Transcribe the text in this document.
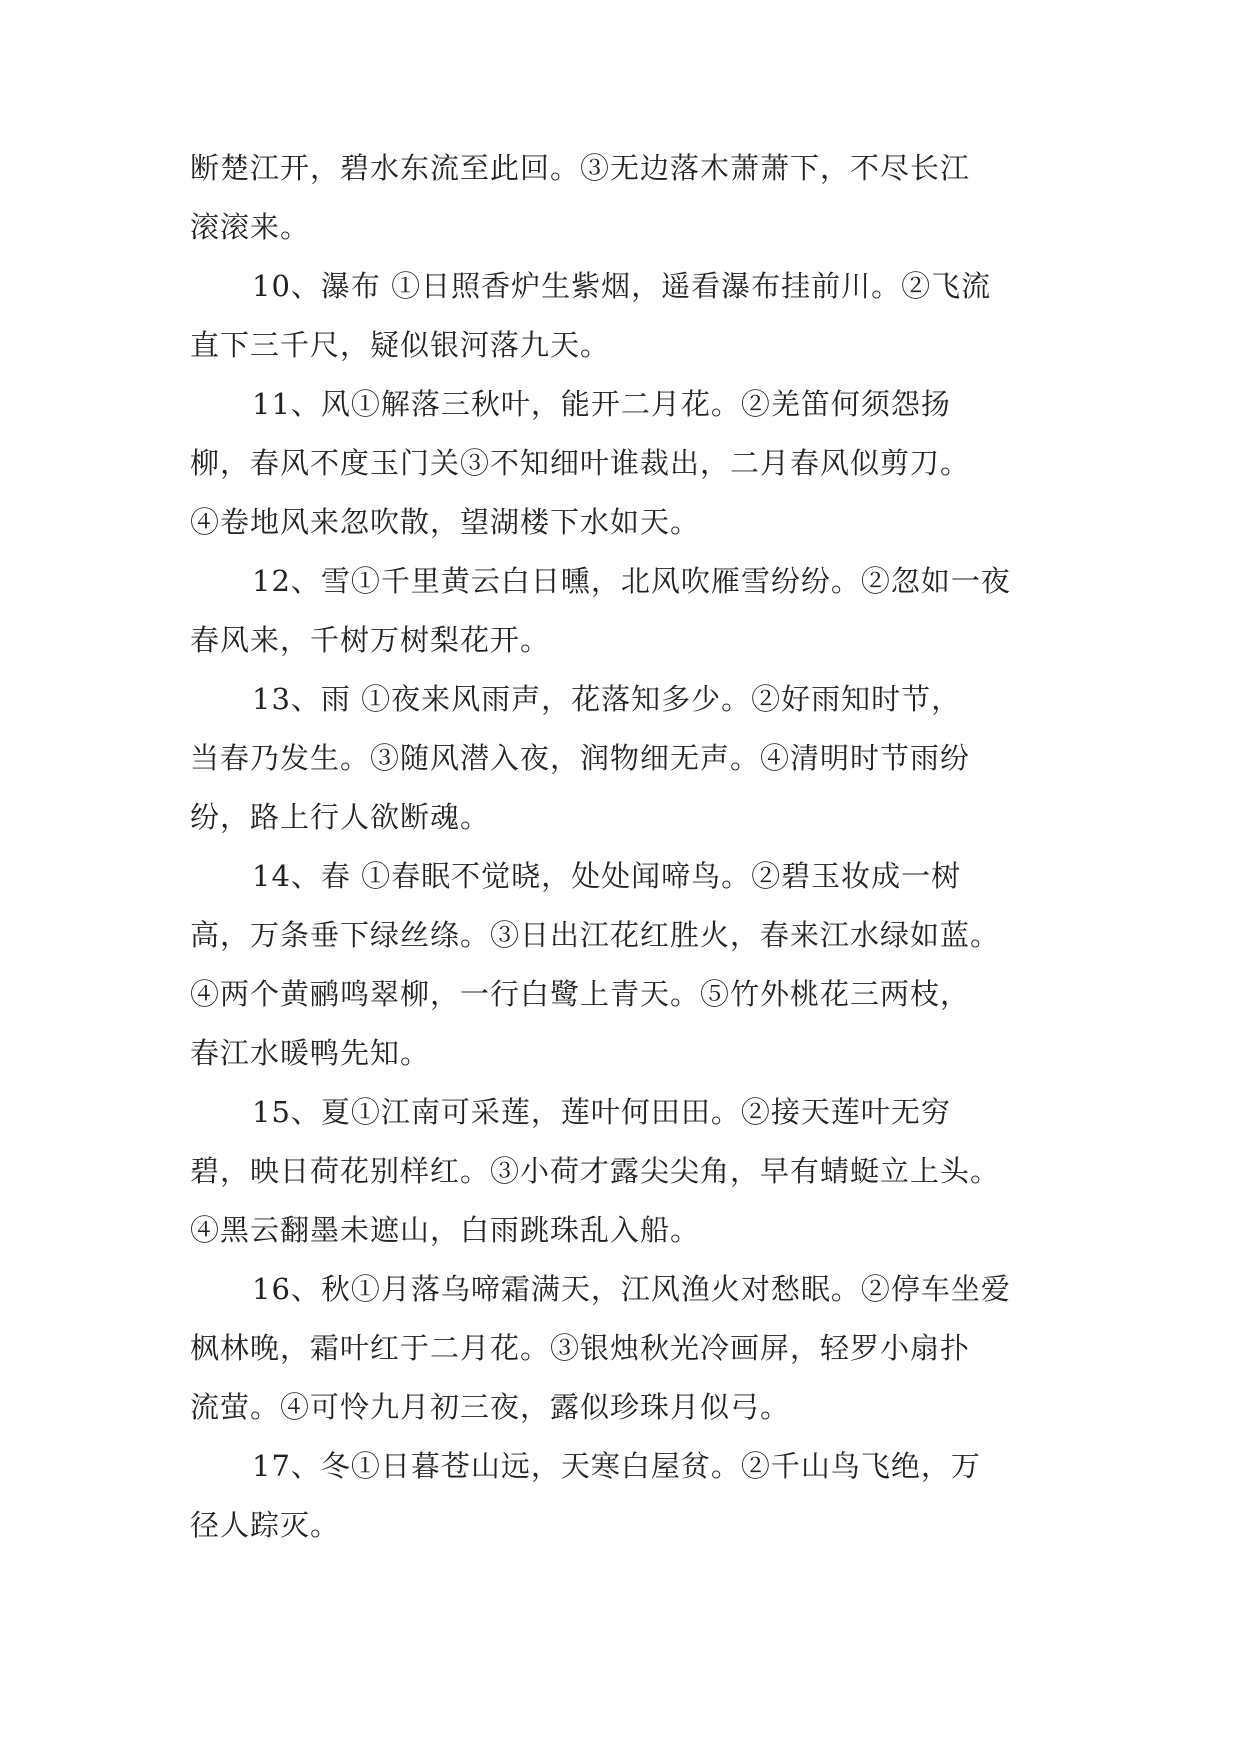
断楚江开，碧水东流至此回。③无边落木萧萧下，不尽长江
滚滚来。
10、瀑布 ①日照香炉生紫烟，遥看瀑布挂前川。②飞流
直下三千尺，疑似银河落九天。
11、风①解落三秋叶，能开二月花。②羌笛何须怨扬
柳，春风不度玉门关③不知细叶谁裁出，二月春风似剪刀。
④卷地风来忽吹散，望湖楼下水如天。
12、雪①千里黄云白日曛，北风吹雁雪纷纷。②忽如一夜
春风来，千树万树梨花开。
13、雨 ①夜来风雨声，花落知多少。②好雨知时节，
当春乃发生。③随风潜入夜，润物细无声。④清明时节雨纷
纷，路上行人欲断魂。
14、春 ①春眠不觉晓，处处闻啼鸟。②碧玉妆成一树
高，万条垂下绿丝绦。③日出江花红胜火，春来江水绿如蓝。
④两个黄鹂鸣翠柳，一行白鹭上青天。⑤竹外桃花三两枝，
春江水暖鸭先知。
15、夏①江南可采莲，莲叶何田田。②接天莲叶无穷
碧，映日荷花别样红。③小荷才露尖尖角，早有蜻蜓立上头。
④黑云翻墨未遮山，白雨跳珠乱入船。
16、秋①月落乌啼霜满天，江风渔火对愁眠。②停车坐爱
枫林晚，霜叶红于二月花。③银烛秋光冷画屏，轻罗小扇扑
流萤。④可怜九月初三夜，露似珍珠月似弓。
17、冬①日暮苍山远，天寒白屋贫。②千山鸟飞绝，万
径人踪灭。
